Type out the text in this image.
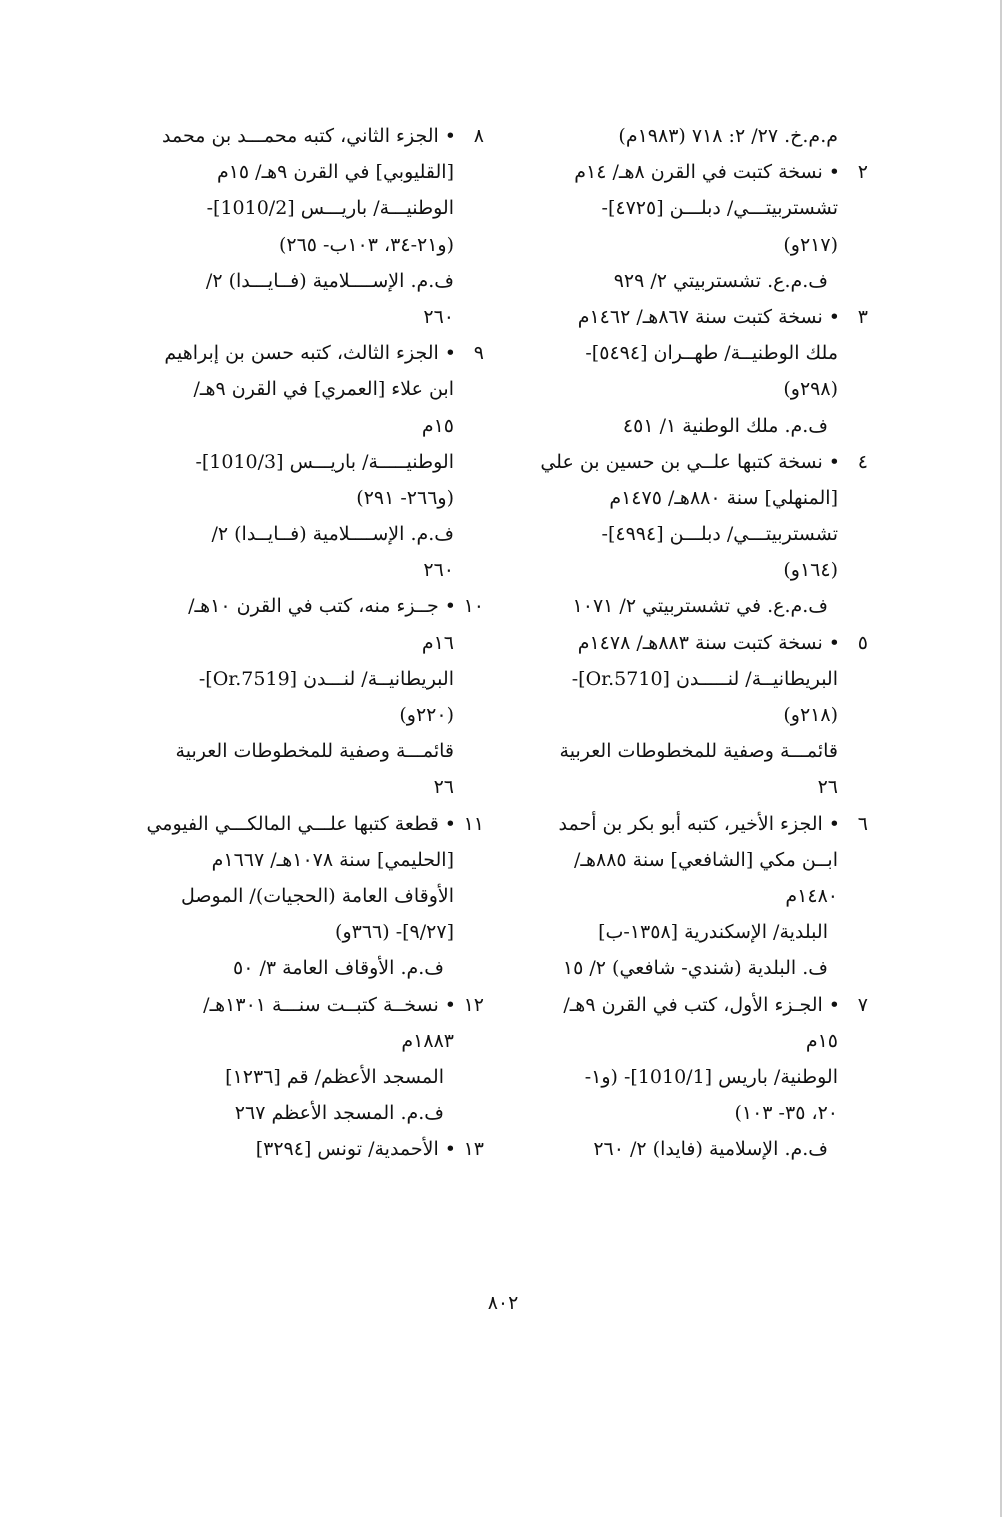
م.م.خ. ٢٧/ ٢: ٧١٨ (١٩٨٣م)
٢•نسخة كتبت في القرن ٨هـ/ ١٤م
تشستربيتـــي/ دبلـــن [٤٧٢٥]-
(٢١٧و)
ف.م.ع. تشستربيتي ٢/ ٩٢٩
٣•نسخة كتبت سنة ٨٦٧هـ/ ١٤٦٢م
ملك الوطنيــة/ طهــران [٥٤٩٤]-
(٢٩٨و)
ف.م. ملك الوطنية ١/ ٤٥١
٤•نسخة كتبها علــي بن حسين بن علي
[المنهلي] سنة ٨٨٠هـ/ ١٤٧٥م
تشستربيتـــي/ دبلـــن [٤٩٩٤]-
(١٦٤و)
ف.م.ع. في تشستربيتي ٢/ ١٠٧١
٥•نسخة كتبت سنة ٨٨٣هـ/ ١٤٧٨م
البريطانيــة/ لنـــــدن [Or.5710]-
(٢١٨و)
قائمـــة وصفية للمخطوطات العربية
٢٦
٦•الجزء الأخير، كتبه أبو بكر بن أحمد
ابــن مكي [الشافعي] سنة ٨٨٥هـ/
١٤٨٠م
البلدية/ الإسكندرية [١٣٥٨-ب]
ف. البلدية (شندي- شافعي) ٢/ ١٥
٧•الجـزء الأول، كتب في القرن ٩هـ/
١٥م
الوطنية/ باريس [1010/1]- (و١-
٢٠، ٣٥- ١٠٣)
ف.م. الإسلامية (فايدا) ٢/ ٢٦٠
٨•الجزء الثاني، كتبه محمـــد بن محمد
[القليوبي] في القرن ٩هـ/ ١٥م
الوطنيـــة/ باريـــس [1010/2]-
(و٢١-٣٤، ١٠٣ب- ٢٦٥)
ف.م. الإســــلامية (فــايـــدا) ٢/
٢٦٠
٩•الجزء الثالث، كتبه حسن بن إبراهيم
ابن علاء [العمري] في القرن ٩هـ/
١٥م
الوطنيـــــة/ باريـــس [1010/3]-
(و٢٦٦- ٢٩١)
ف.م. الإســــلامية (فــايــدا) ٢/
٢٦٠
١٠•جــزء منه، كتب في القرن ١٠هـ/
١٦م
البريطانيــة/ لنـــدن [Or.7519]-
(٢٢٠و)
قائمـــة وصفية للمخطوطات العربية
٢٦
١١•قطعة كتبها علـــي المالكـــي الفيومي
[الحليمي] سنة ١٠٧٨هـ/ ١٦٦٧م
الأوقاف العامة (الحجيات)/ الموصل
[٩/٢٧]- (٣٦٦و)
ف.م. الأوقاف العامة ٣/ ٥٠
١٢•نسخــة كتبــت سنـــة ١٣٠١هـ/
١٨٨٣م
المسجد الأعظم/ قم [١٢٣٦]
ف.م. المسجد الأعظم ٢٦٧
١٣•الأحمدية/ تونس [٣٢٩٤]
٨٠٢
